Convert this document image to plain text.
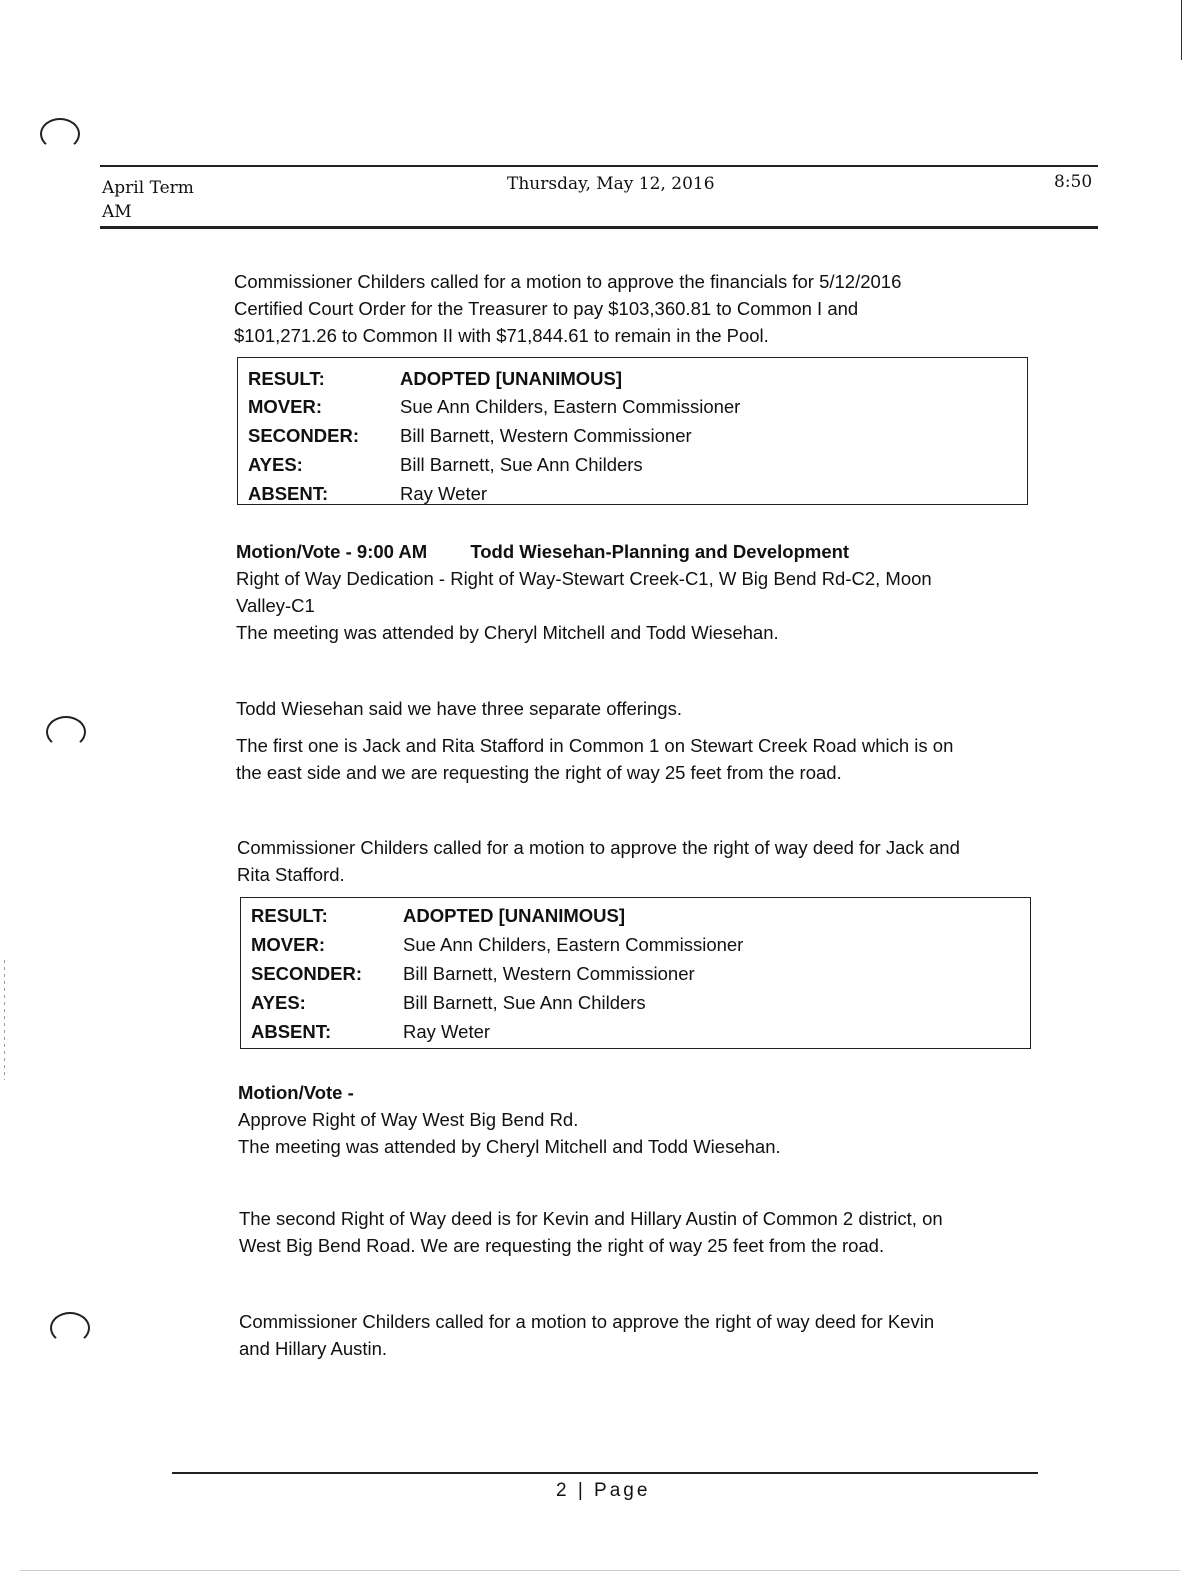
April Term
AM
Thursday, May 12, 2016	8:50
Commissioner Childers called for a motion to approve the financials for 5/12/2016
Certified Court Order for the Treasurer to pay $103,360.81 to Common I and
$101,271.26 to Common II with $71,844.61 to remain in the Pool.
RESULT:	ADOPTED [UNANIMOUS]
MOVER:	Sue Ann Childers, Eastern Commissioner
SECONDER: Bill Barnett, Western Commissioner
AYES:	Bill Barnett, Sue Ann Childers
ABSENT:	Ray Weter
Motion/Vote - 9:00 AM Todd Wiesehan-Planning and Development
Right of Way Dedication - Right of Way-Stewart Creek-C1, W Big Bend Rd-C2, Moon
Valley-C1
The meeting was attended by Cheryl Mitchell and Todd Wiesehan.
Todd Wiesehan said we have three separate offerings.
The first one is Jack and Rita Stafford in Common 1 on Stewart Creek Road which is on
the east side and we are requesting the right of way 25 feet from the road.
Commissioner Childers called for a motion to approve the right of way deed for Jack and
Rita Stafford.
RESULT:	ADOPTED [UNANIMOUS]
MOVER:	Sue Ann Childers, Eastern Commissioner
SECONDER: Bill Barnett, Western Commissioner
AYES:	Bill Barnett, Sue Ann Childers
ABSENT:	Ray Weter
Motion/Vote -
Approve Right of Way West Big Bend Rd.
The meeting was attended by Cheryl Mitchell and Todd Wiesehan.
The second Right of Way deed is for Kevin and Hillary Austin of Common 2 district, on
West Big Bend Road. We are requesting the right of way 25 feet from the road.
Commissioner Childers called for a motion to approve the right of way deed for Kevin
and Hillary Austin.
2 | Page
